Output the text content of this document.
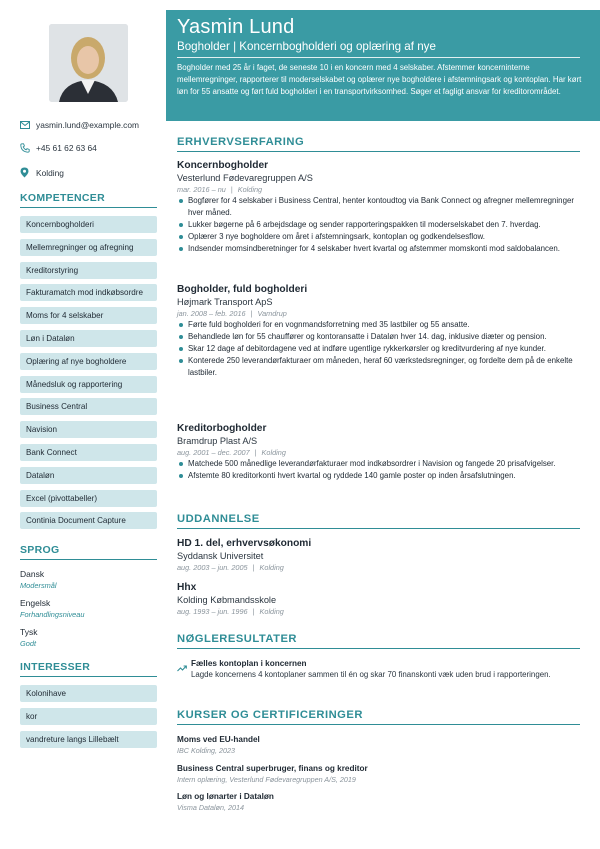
yasmin.lund@example.com
+45 61 62 63 64
Kolding
KOMPETENCER
Koncernbogholderi
Mellemregninger og afregning
Kreditorstyring
Fakturamatch mod indkøbsordre
Moms for 4 selskaber
Løn i Dataløn
Oplæring af nye bogholdere
Månedsluk og rapportering
Business Central
Navision
Bank Connect
Dataløn
Excel (pivottabeller)
Continia Document Capture
SPROG
Dansk
Modersmål
Engelsk
Forhandlingsniveau
Tysk
Godt
INTERESSER
Kolonihave
kor
vandreture langs Lillebælt
Yasmin Lund
Bogholder | Koncernbogholderi og oplæring af nye
Bogholder med 25 år i faget, de seneste 10 i en koncern med 4 selskaber. Afstemmer koncerninterne mellemregninger, rapporterer til moderselskabet og oplærer nye bogholdere i afstemningsark og kontoplan. Har kørt løn for 55 ansatte og ført fuld bogholderi i en transportvirksomhed. Søger et fagligt ansvar for kreditorområdet.
ERHVERVSERFARING
Koncernbogholder
Vesterlund Fødevaregruppen A/S
mar. 2016 – nu | Kolding
Bogfører for 4 selskaber i Business Central, henter kontoudtog via Bank Connect og afregner mellemregninger hver måned.
Lukker bøgerne på 6 arbejdsdage og sender rapporteringspakken til moderselskabet den 7. hverdag.
Oplærer 3 nye bogholdere om året i afstemningsark, kontoplan og godkendelsesflow.
Indsender momsindberetninger for 4 selskaber hvert kvartal og afstemmer momskonti mod saldobalancen.
Bogholder, fuld bogholderi
Højmark Transport ApS
jan. 2008 – feb. 2016 | Vamdrup
Førte fuld bogholderi for en vognmandsforretning med 35 lastbiler og 55 ansatte.
Behandlede løn for 55 chauffører og kontoransatte i Dataløn hver 14. dag, inklusive diæter og pension.
Skar 12 dage af debitordagene ved at indføre ugentlige rykkerkørsler og kreditvurdering af nye kunder.
Konterede 250 leverandørfakturaer om måneden, heraf 60 værkstedsregninger, og fordelte dem på de enkelte lastbiler.
Kreditorbogholder
Bramdrup Plast A/S
aug. 2001 – dec. 2007 | Kolding
Matchede 500 månedlige leverandørfakturaer mod indkøbsordrer i Navision og fangede 20 prisafvigelser.
Afstemte 80 kreditorkonti hvert kvartal og ryddede 140 gamle poster op inden årsafslutningen.
UDDANNELSE
HD 1. del, erhvervsøkonomi
Syddansk Universitet
aug. 2003 – jun. 2005 | Kolding
Hhx
Kolding Købmandsskole
aug. 1993 – jun. 1996 | Kolding
NØGLERESULTATER
Fælles kontoplan i koncernen
Lagde koncernens 4 kontoplaner sammen til én og skar 70 finanskonti væk uden brud i rapporteringen.
KURSER OG CERTIFICERINGER
Moms ved EU-handel
IBC Kolding, 2023
Business Central superbruger, finans og kreditor
Intern oplæring, Vesterlund Fødevaregruppen A/S, 2019
Løn og lønarter i Dataløn
Visma Dataløn, 2014
